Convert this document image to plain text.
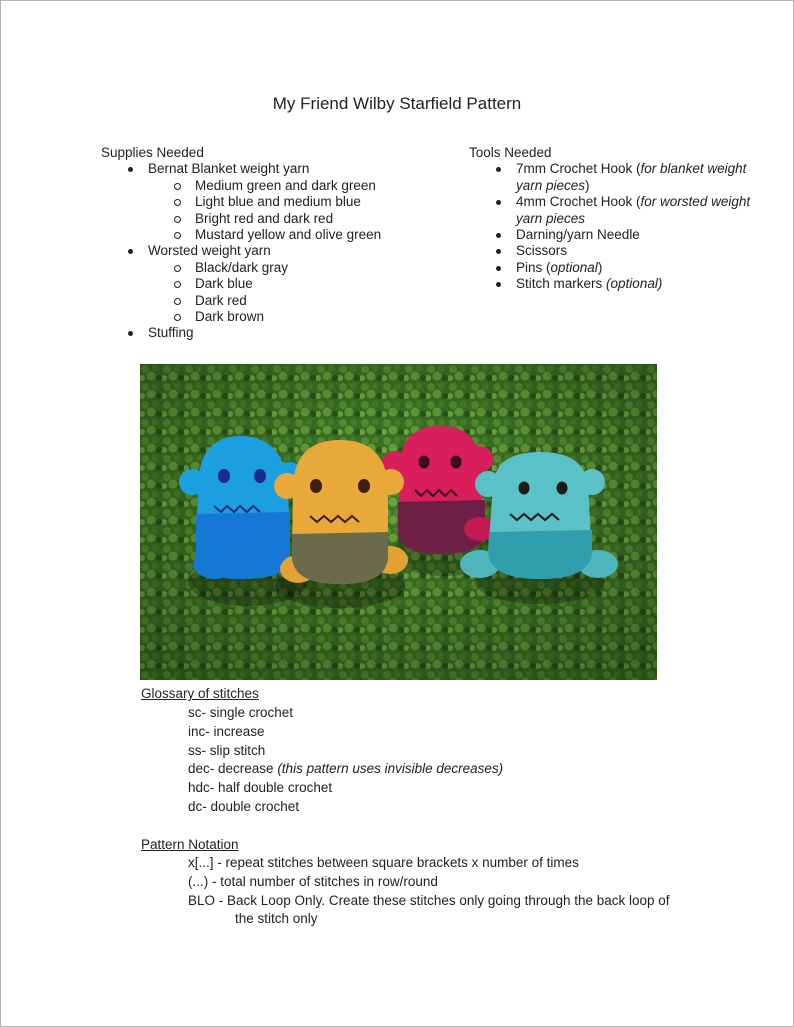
My Friend Wilby Starfield Pattern
Supplies Needed
Bernat Blanket weight yarn
Medium green and dark green
Light blue and medium blue
Bright red and dark red
Mustard yellow and olive green
Worsted weight yarn
Black/dark gray
Dark blue
Dark red
Dark brown
Stuffing
Tools Needed
7mm Crochet Hook (for blanket weight yarn pieces)
4mm Crochet Hook (for worsted weight yarn pieces
Darning/yarn Needle
Scissors
Pins (optional)
Stitch markers (optional)
Glossary of stitches
sc- single crochet
inc- increase
ss- slip stitch
dec- decrease (this pattern uses invisible decreases)
hdc- half double crochet
dc- double crochet
Pattern Notation
x[...] - repeat stitches between square brackets x number of times
(...) - total number of stitches in row/round
BLO - Back Loop Only. Create these stitches only going through the back loop of
the stitch only
